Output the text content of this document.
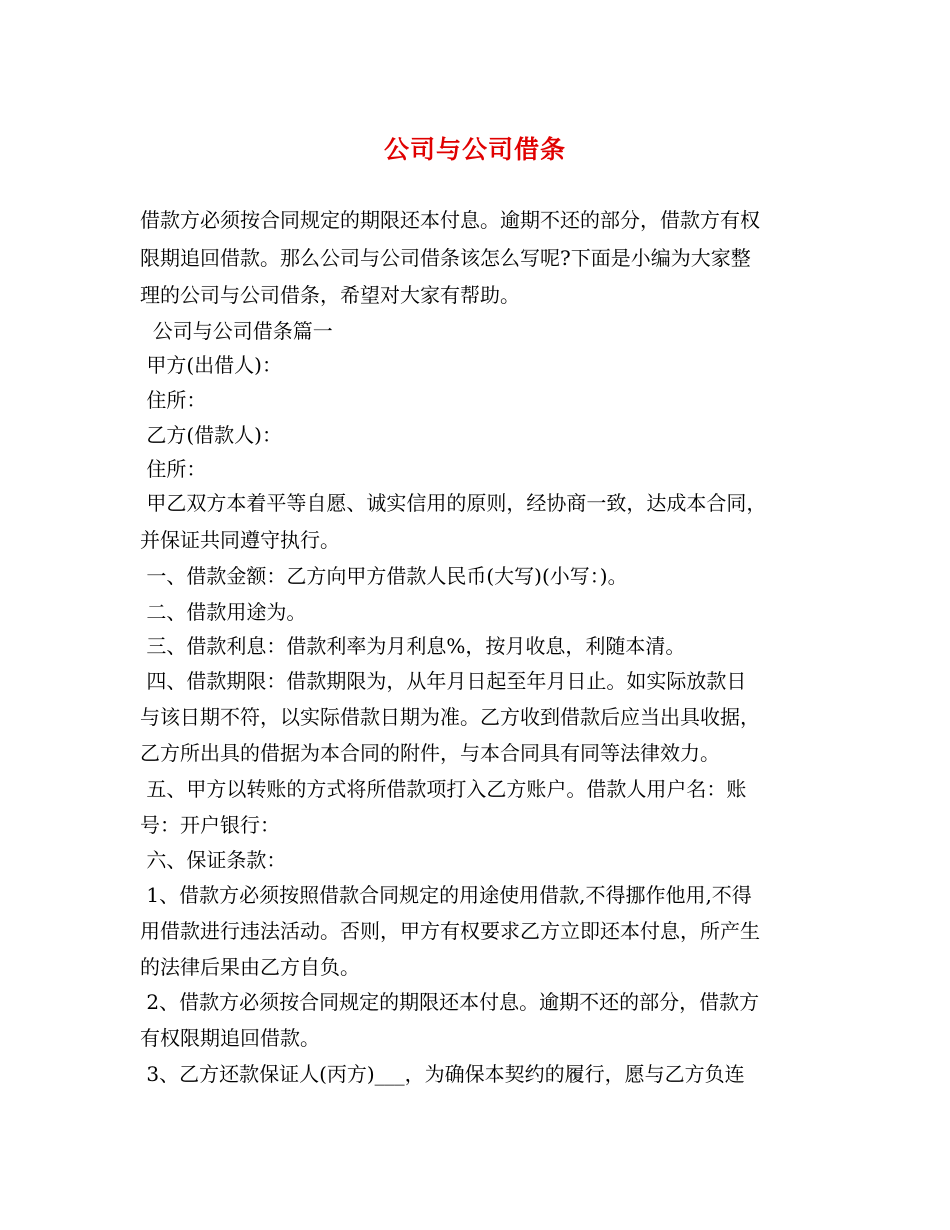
公司与公司借条
借款方必须按合同规定的期限还本付息。逾期不还的部分，借款方有权
限期追回借款。那么公司与公司借条该怎么写呢?下面是小编为大家整
理的公司与公司借条，希望对大家有帮助。
公司与公司借条篇一
甲方(出借人)：
住所：
乙方(借款人)：
住所：
甲乙双方本着平等自愿、诚实信用的原则，经协商一致，达成本合同，
并保证共同遵守执行。
一、借款金额：乙方向甲方借款人民币(大写)(小写：)。
二、借款用途为。
三、借款利息：借款利率为月利息%，按月收息，利随本清。
四、借款期限：借款期限为，从年月日起至年月日止。如实际放款日
与该日期不符，以实际借款日期为准。乙方收到借款后应当出具收据，
乙方所出具的借据为本合同的附件，与本合同具有同等法律效力。
五、甲方以转账的方式将所借款项打入乙方账户。借款人用户名：账
号：开户银行：
六、保证条款：
1、借款方必须按照借款合同规定的用途使用借款,不得挪作他用,不得
用借款进行违法活动。否则，甲方有权要求乙方立即还本付息，所产生
的法律后果由乙方自负。
2、借款方必须按合同规定的期限还本付息。逾期不还的部分，借款方
有权限期追回借款。
3、乙方还款保证人(丙方)___，为确保本契约的履行，愿与乙方负连
